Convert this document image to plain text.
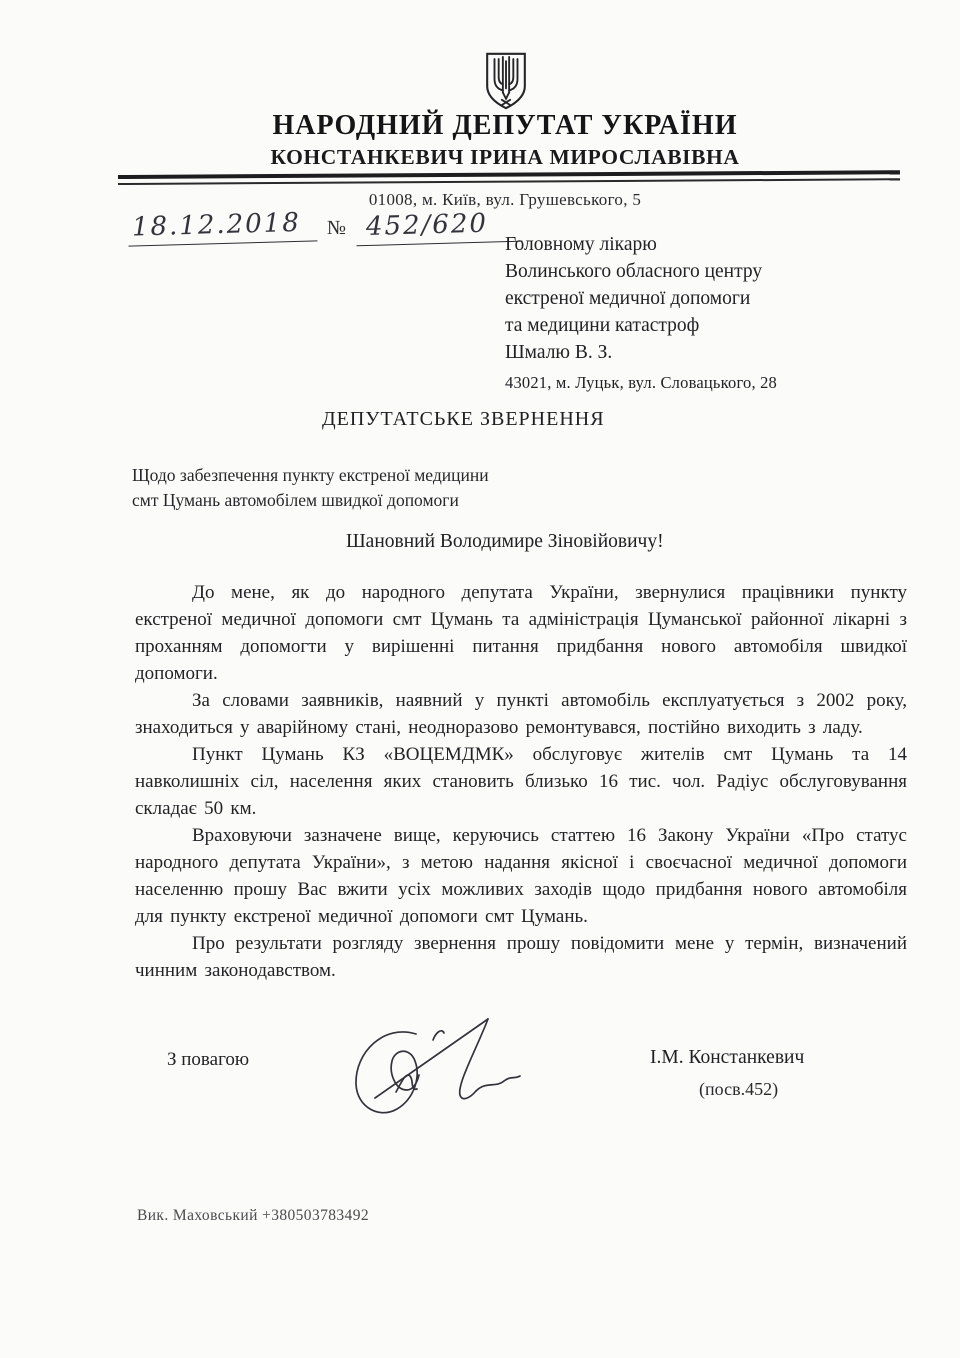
НАРОДНИЙ ДЕПУТАТ УКРАЇНИ
КОНСТАНКЕВИЧ ІРИНА МИРОСЛАВІВНА
01008, м. Київ, вул. Грушевського, 5
18.12.2018	№ 452/620
Головному лікарю
Волинського обласного центру
екстреної медичної допомоги
та медицини катастроф
Шмалю В. З.
43021, м. Луцьк, вул. Словацького, 28
ДЕПУТАТСЬКЕ ЗВЕРНЕННЯ
Щодо забезпечення пункту екстреної медицини
смт Цумань автомобілем швидкої допомоги
Шановний Володимире Зіновійовичу!

До мене, як до народного депутата України, звернулися працівники пункту екстреної медичної допомоги смт Цумань та адміністрація Цуманської районної лікарні з проханням допомогти у вирішенні питання придбання нового автомобіля швидкої допомоги.

За словами заявників, наявний у пункті автомобіль експлуатується з 2002 року, знаходиться у аварійному стані, неодноразово ремонтувався, постійно виходить з ладу.

Пункт Цумань КЗ «ВОЦЕМДМК» обслуговує жителів смт Цумань та 14 навколишніх сіл, населення яких становить близько 16 тис. чол. Радіус обслуговування складає 50 км.

Враховуючи зазначене вище, керуючись статтею 16 Закону України «Про статус народного депутата України», з метою надання якісної і своєчасної медичної допомоги населенню прошу Вас вжити усіх можливих заходів щодо придбання нового автомобіля для пункту екстреної медичної допомоги смт Цумань.

Про результати розгляду звернення прошу повідомити мене у термін, визначений чинним законодавством.

З повагою	І.М. Констанкевич
(посв.452)
Вик. Маховський +380503783492
